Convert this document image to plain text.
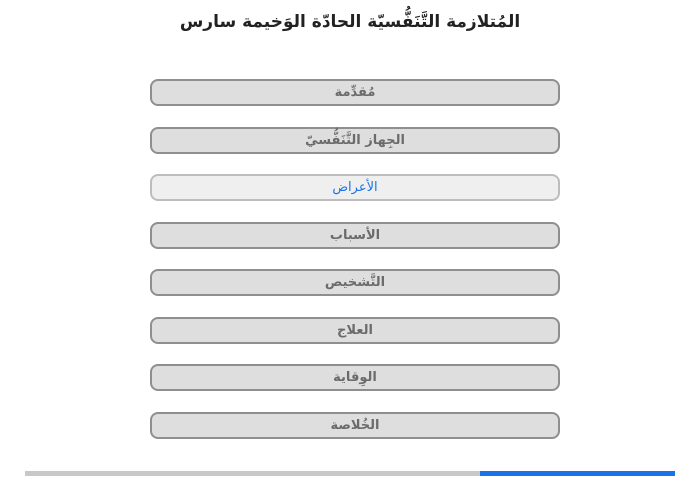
المُتلازمة التَّنَفُّسيّة الحادّة الوَخيمة سارس
مُقدِّمة
الجِهاز التَّنَفُّسيّ
الأعراض
الأسباب
التَّشخيص
العلاج
الوِقاية
الخُلاصة
